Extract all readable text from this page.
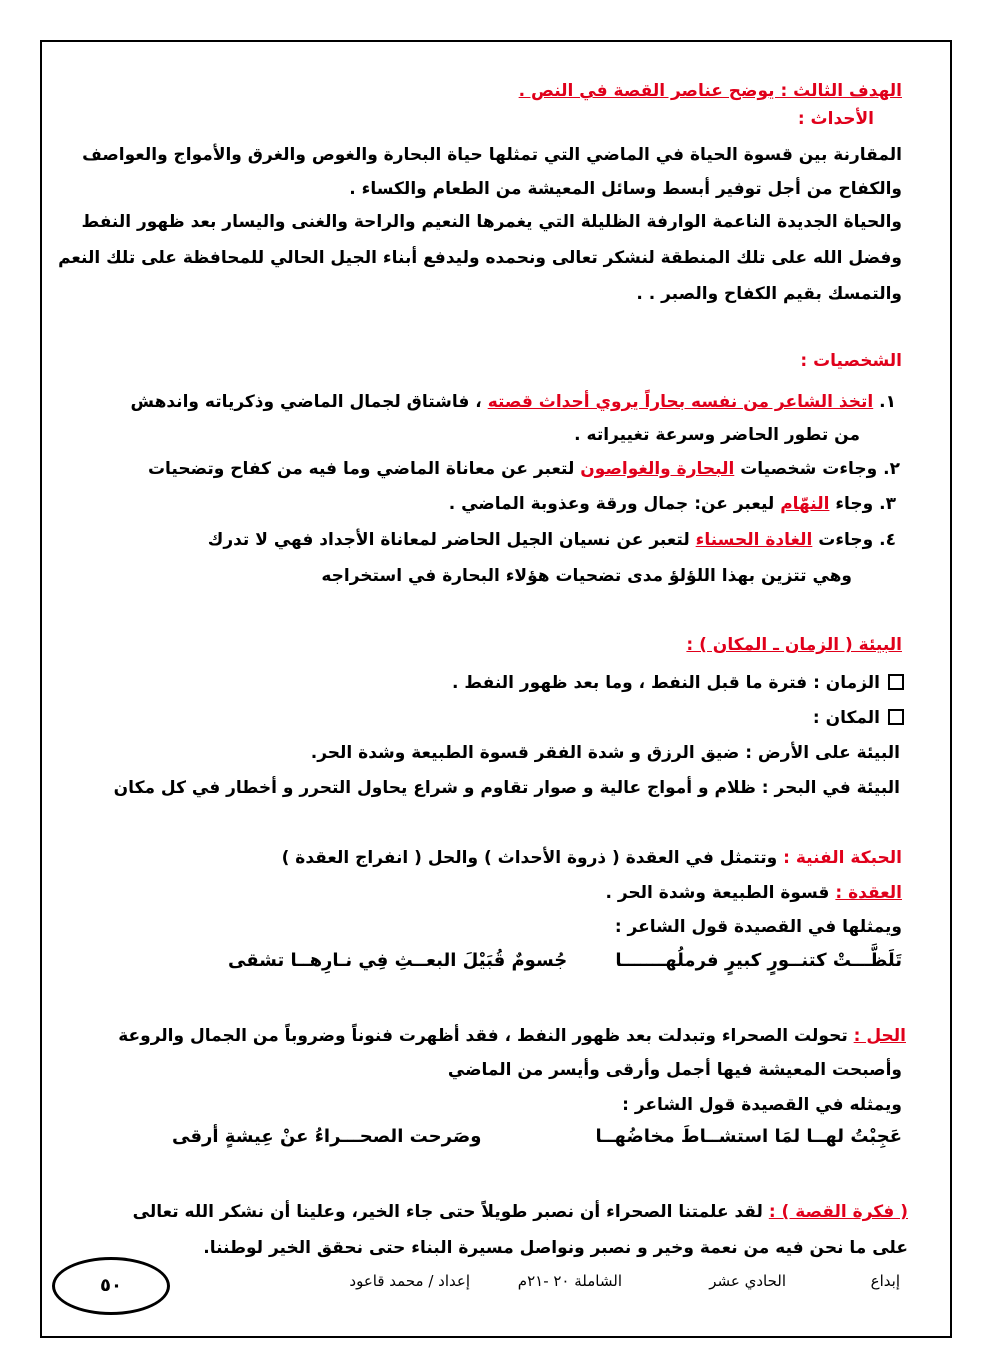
الهدف الثالث : يوضح عناصر القصة في النص .
الأحداث :
المقارنة بين قسوة الحياة في الماضي التي تمثلها حياة البحارة والغوص والغرق والأمواج والعواصف
والكفاح من أجل توفير أبسط وسائل المعيشة من الطعام والكساء .
والحياة الجديدة الناعمة الوارفة الظليلة التي يغمرها النعيم والراحة والغنى واليسار بعد ظهور النفط
وفضل الله على تلك المنطقة لنشكر تعالى ونحمده وليدفع أبناء الجيل الحالي للمحافظة على تلك النعم
والتمسك بقيم الكفاح والصبر . .
الشخصيات :
١. اتخذ الشاعر من نفسه بحاراً يروي أحداث قصته ، فاشتاق لجمال الماضي وذكرياته واندهش
من تطور الحاضر وسرعة تغييراته .
٢. وجاءت شخصيات البحارة والغواصون لتعبر عن معاناة الماضي وما فيه من كفاح وتضحيات
٣. وجاء النهّام ليعبر عن: جمال ورقة وعذوبة الماضي .
٤. وجاءت الغادة الحسناء لتعبر عن نسيان الجيل الحاضر لمعاناة الأجداد فهي لا تدرك
وهي تتزين بهذا اللؤلؤ مدى تضحيات هؤلاء البحارة في استخراجه
البيئة ( الزمان ـ المكان ) :
الزمان : فترة ما قبل النفط ، وما بعد ظهور النفط .
المكان :
البيئة على الأرض : ضيق الرزق و شدة الفقر قسوة الطبيعة وشدة الحر.
البيئة في البحر : ظلام و أمواج عالية و صوار تقاوم و شراع يحاول التحرر و أخطار في كل مكان
الحبكة الفنية : وتتمثل في العقدة ( ذروة الأحداث ) والحل ( انفراج العقدة )
العقدة : قسوة الطبيعة وشدة الحر .
ويمثلها في القصيدة قول الشاعر :
تَلَظَّـــتْ كتنــورٍ كبيرٍ فرملُهـــــــا
جُسومٌ قُبَيْلَ البعــثِ فِي نـارِهــا تشقى
الحل : تحولت الصحراء وتبدلت بعد ظهور النفط ، فقد أظهرت فنوناً وضروباً من الجمال والروعة
وأصبحت المعيشة فيها أجمل وأرقى وأيسر من الماضي
ويمثله في القصيدة قول الشاعر :
عَجِبْتُ لهــا لمَا استشــاطَ مخاضُهــا
وصَرحت الصحـــراءُ عنْ عِيشةٍ أرقى
( فكرة القصة ) : لقد علمتنا الصحراء أن نصبر طويلاً حتى جاء الخير، وعلينا أن نشكر الله تعالى
على ما نحن فيه من نعمة وخير و نصبر ونواصل مسيرة البناء حتى نحقق الخير لوطننا.
إبداع
الحادي عشر
الشاملة ٢٠ -٢١م
إعداد / محمد قاعود
٥٠
